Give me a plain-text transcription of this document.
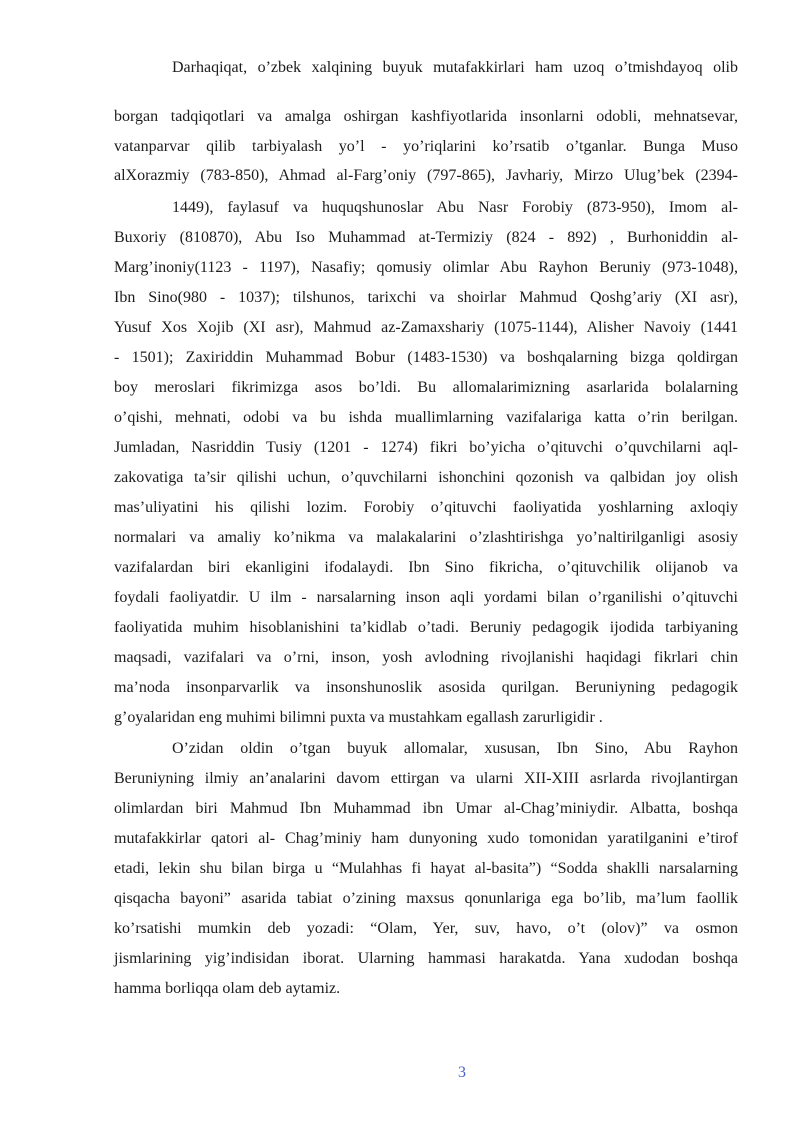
Darhaqiqat, o’zbek xalqining buyuk mutafakkirlari ham uzoq o’tmishdayoq olib
borgan tadqiqotlari va amalga oshirgan kashfiyotlarida insonlarni odobli, mehnatsevar,
vatanparvar qilib tarbiyalash yo’l - yo’riqlarini ko’rsatib o’tganlar. Bunga Muso
alXorazmiy (783-850), Ahmad al-Farg’oniy (797-865), Javhariy, Mirzo Ulug’bek (2394-
1449), faylasuf va huquqshunoslar Abu Nasr Forobiy (873-950), Imom al-
Buxoriy (810870), Abu Iso Muhammad at-Termiziy (824 - 892) , Burhoniddin al-
Marg’inoniy(1123 - 1197), Nasafiy; qomusiy olimlar Abu Rayhon Beruniy (973-1048),
Ibn Sino(980 - 1037); tilshunos, tarixchi va shoirlar Mahmud Qoshg’ariy (XI asr),
Yusuf Xos Xojib (XI asr), Mahmud az-Zamaxshariy (1075-1144), Alisher Navoiy (1441
- 1501); Zaxiriddin Muhammad Bobur (1483-1530) va boshqalarning bizga qoldirgan
boy meroslari fikrimizga asos bo’ldi. Bu allomalarimizning asarlarida bolalarning
o’qishi, mehnati, odobi va bu ishda muallimlarning vazifalariga katta o’rin berilgan.
Jumladan, Nasriddin Tusiy (1201 - 1274) fikri bo’yicha o’qituvchi o’quvchilarni aql-
zakovatiga ta’sir qilishi uchun, o’quvchilarni ishonchini qozonish va qalbidan joy olish
mas’uliyatini his qilishi lozim. Forobiy o’qituvchi faoliyatida yoshlarning axloqiy
normalari va amaliy ko’nikma va malakalarini o’zlashtirishga yo’naltirilganligi asosiy
vazifalardan biri ekanligini ifodalaydi. Ibn Sino fikricha, o’qituvchilik olijanob va
foydali faoliyatdir. U ilm - narsalarning inson aqli yordami bilan o’rganilishi o’qituvchi
faoliyatida muhim hisoblanishini ta’kidlab o’tadi. Beruniy pedagogik ijodida tarbiyaning
maqsadi, vazifalari va o’rni, inson, yosh avlodning rivojlanishi haqidagi fikrlari chin
ma’noda insonparvarlik va insonshunoslik asosida qurilgan. Beruniyning pedagogik
g’oyalaridan eng muhimi bilimni puxta va mustahkam egallash zarurligidir .
O’zidan oldin o’tgan buyuk allomalar, xususan, Ibn Sino, Abu Rayhon
Beruniyning ilmiy an’analarini davom ettirgan va ularni XII-XIII asrlarda rivojlantirgan
olimlardan biri Mahmud Ibn Muhammad ibn Umar al-Chag’miniydir. Albatta, boshqa
mutafakkirlar qatori al- Chag’miniy ham dunyoning xudo tomonidan yaratilganini e’tirof
etadi, lekin shu bilan birga u “Mulahhas fi hayat al-basita”) “Sodda shaklli narsalarning
qisqacha bayoni” asarida tabiat o’zining maxsus qonunlariga ega bo’lib, ma’lum faollik
ko’rsatishi mumkin deb yozadi: “Olam, Yer, suv, havo, o’t (olov)” va osmon
jismlarining yig’indisidan iborat. Ularning hammasi harakatda. Yana xudodan boshqa
hamma borliqqa olam deb aytamiz.
3
